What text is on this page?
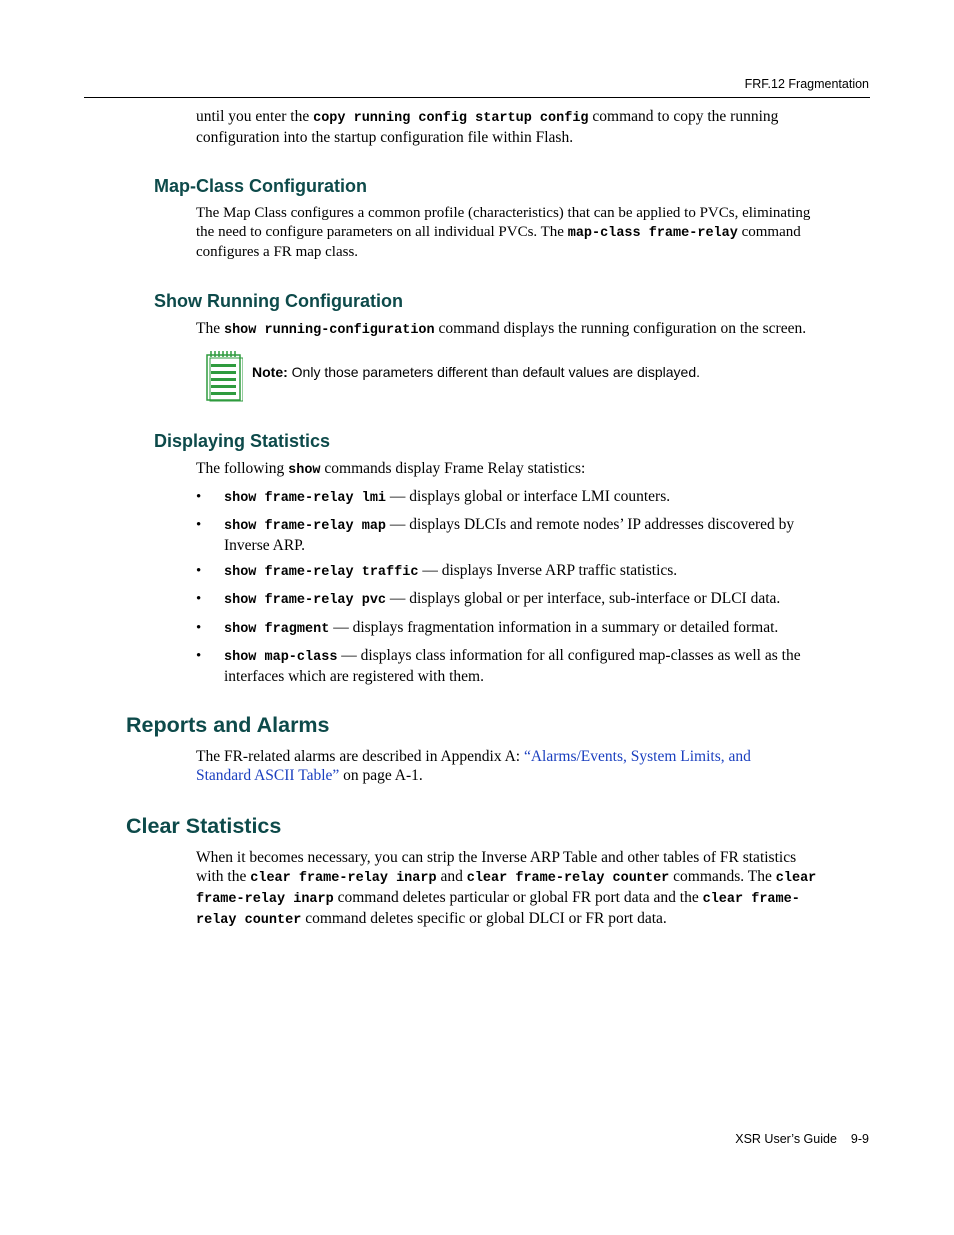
FRF.12 Fragmentation

until you enter the copy running config startup config command to copy the running
configuration into the startup configuration file within Flash.

Map-Class Configuration

The Map Class configures a common profile (characteristics) that can be applied to PVCs, eliminating
the need to configure parameters on all individual PVCs. The map-class frame-relay command
configures a FR map class.

Show Running Configuration

The show running-configuration command displays the running configuration on the screen.

Note: Only those parameters different than default values are displayed.
Displaying Statistics

The following show commands display Frame Relay statistics:

• show frame-relay lmi — displays global or interface LMI counters.
• show frame-relay map — displays DLCIs and remote nodes’ IP addresses discovered by
Inverse ARP.
• show frame-relay traffic — displays Inverse ARP traffic statistics.
• show frame-relay pvc — displays global or per interface, sub-interface or DLCI data.
• show fragment — displays fragmentation information in a summary or detailed format.
• show map-class — displays class information for all configured map-classes as well as the
interfaces which are registered with them.
Reports and Alarms

The FR-related alarms are described in Appendix A: “Alarms/Events, System Limits, and
Standard ASCII Table” on page A-1.

Clear Statistics

When it becomes necessary, you can strip the Inverse ARP Table and other tables of FR statistics
with the clear frame-relay inarp and clear frame-relay counter commands. The clear
frame-relay inarp command deletes particular or global FR port data and the clear frame-
relay counter command deletes specific or global DLCI or FR port data.

XSR User’s Guide 9-9
